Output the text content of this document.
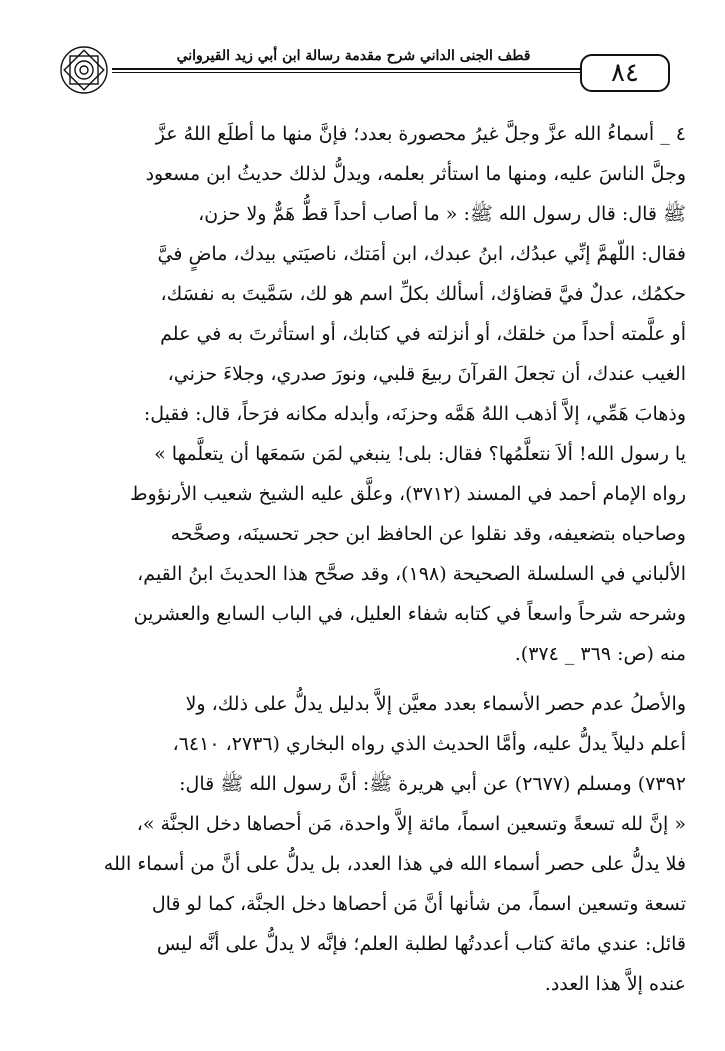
قطف الجنى الداني شرح مقدمة رسالة ابن أبي زيد القيرواني
٨٤
٤ _ أسماءُ الله عزَّ وجلَّ غيرُ محصورة بعدد؛ فإنَّ منها ما أطلَع اللهُ عزَّ
وجلَّ الناسَ عليه، ومنها ما استأثر بعلمه، ويدلُّ لذلك حديثُ ابن مسعود
ﷺ قال: قال رسول الله ﷺ: « ما أصاب أحداً قطُّ هَمٌّ ولا حزن،
فقال: اللّهمَّ إنِّي عبدُك، ابنُ عبدك، ابن أمَتك، ناصيَتي بيدك، ماضٍ فيَّ
حكمُك، عدلٌ فيَّ قضاؤك، أسألك بكلِّ اسم هو لك، سَمَّيتَ به نفسَك،
أو علَّمته أحداً من خلقك، أو أنزلته في كتابك، أو استأثرتَ به في علم
الغيب عندك، أن تجعلَ القرآنَ ربيعَ قلبي، ونورَ صدري، وجلاءَ حزني،
وذهابَ هَمِّي، إلاَّ أذهب اللهُ هَمَّه وحزنَه، وأبدله مكانه فرَحاً، قال: فقيل:
يا رسول الله! ألاَ نتعلَّمُها؟ فقال: بلى! ينبغي لمَن سَمعَها أن يتعلَّمها »
رواه الإمام أحمد في المسند (٣٧١٢)، وعلَّق عليه الشيخ شعيب الأرنؤوط
وصاحباه بتضعيفه، وقد نقلوا عن الحافظ ابن حجر تحسينَه، وصحَّحه
الألباني في السلسلة الصحيحة (١٩٨)، وقد صحَّح هذا الحديثَ ابنُ القيم،
وشرحه شرحاً واسعاً في كتابه شفاء العليل، في الباب السابع والعشرين
منه (ص: ٣٦٩ _ ٣٧٤).
والأصلُ عدم حصر الأسماء بعدد معيَّن إلاَّ بدليل يدلُّ على ذلك، ولا
أعلم دليلاً يدلُّ عليه، وأمَّا الحديث الذي رواه البخاري (٢٧٣٦، ٦٤١٠،
٧٣٩٢) ومسلم (٢٦٧٧) عن أبي هريرة ﷺ: أنَّ رسول الله ﷺ قال:
« إنَّ لله تسعةً وتسعين اسماً، مائة إلاَّ واحدة، مَن أحصاها دخل الجنَّة »،
فلا يدلُّ على حصر أسماء الله في هذا العدد، بل يدلُّ على أنَّ من أسماء الله
تسعة وتسعين اسماً، من شأنها أنَّ مَن أحصاها دخل الجنَّة، كما لو قال
قائل: عندي مائة كتاب أعددتُها لطلبة العلم؛ فإنَّه لا يدلُّ على أنَّه ليس
عنده إلاَّ هذا العدد.
